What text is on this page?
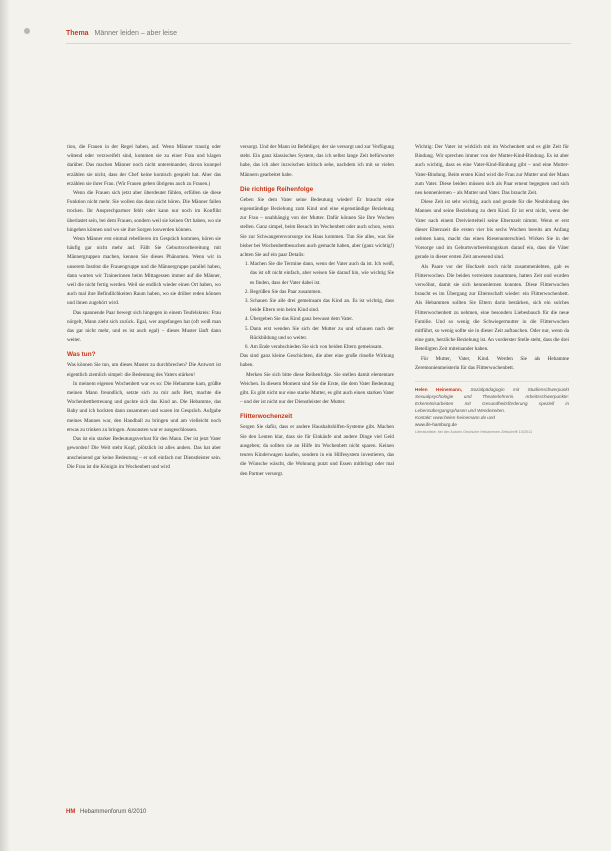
Thema Männer leiden – aber leise

tion, die Frauen in der Regel haben, auf. Wenn Männer traurig oder wütend oder verzweifelt sind, kommen sie zu einer Frau und klagen darüber. Das machen Männer noch nicht untereinander, davon kunnpel erzählen sie nicht, dass der Chef keine komisch gespielt hat. Aber das erzählen sie ihrer Frau. (Wir Frauen geben übrigens auch zu Frauen.)

Wenn die Frauen sich jetzt aber überdeutet fühlen, erfüllen sie diese Funktion nicht mehr. Sie wollen das dann nicht hören. Die Männer fallen trocken. Ihr Ansprechpartner fehlt oder kann nur noch im Konflikt überlastet sein, bei dem Frauen, sondern weil sie keinen Ort haben, wo sie hingehen können und wo sie ihre Sorgen loswerden können.

Wenn Männer erst einmal rebellieren im Gespräch kommen, hören sie häufig gar nicht mehr auf. Fällt Sie Geburtsvorbereitung mit Männergruppen machen, kennen Sie dieses Phänomen. Wenn wir in unserem Institut die Frauengruppe und die Männergruppe parallel haben, dann warten wir Trainerinnen beim Mittagessen immer auf die Männer, weil die nicht fertig werden. Weil sie endlich wieder einen Ort haben, wo auch mal ihre Befindlichkeiten Raum haben, wo sie drüber reden können und ihnen zugehört wird.

Das spannende Paar bewegt sich hingegen in einem Teufelskreis: Frau nörgelt, Mann zieht sich zurück. Egal, wer angefangen hat (oft weiß man das gar nicht mehr, und es ist auch egal) – dieses Muster läuft dann weiter.

Was tun?

Was können Sie tun, um dieses Muster zu durchbrechen? Die Antwort ist eigentlich ziemlich simpel: die Bedeutung des Vaters stärken!

In meinem eigenen Wochenbett war es so: Die Hebamme kam, grüßte meinen Mann freundlich, setzte sich zu mir aufs Bett, machte die Wochenbettbetreuung und guckte sich das Kind an. Die Hebamme, das Baby und ich hockten dann zusammen und waren im Gespräch. Aufgabe meines Mannes war, den Handball zu bringen und am vielleicht noch etwas zu trinken zu bringen. Ansonsten war er ausgeschlossen.

Das ist ein starker Bedeutungsverlust für den Mann. Der ist jetzt Vater geworden! Die Welt steht Kopf, plötzlich ist alles anders. Das hat aber anscheinend gar keine Bedeutung – er soll einfach nur Dienstleister sein. Die Frau ist die Königin im Wochenbett und wird

versorgt. Und der Mann ist Befehliger, der sie versorgt und zur Verfügung steht. Ein ganz klassisches System, das ich selbst lange Zeit befürwortet habe, das ich aber inzwischen kritisch sehe, nachdem ich mit so vielen Männern gearbeitet habe.

Die richtige Reihenfolge

Geben Sie dem Vater seine Bedeutung wieder! Er braucht eine eigenständige Beziehung zum Kind und eine eigenständige Beziehung zur Frau – unabhängig von der Mutter. Dafür können Sie Ihre Wochen stellen. Ganz simpel, beim Besuch im Wochenbett oder auch schon, wenn Sie zur Schwangerenvorsorge ins Haus kommen. Tun Sie alles, was Sie bisher bei Wochenbettbesuchen auch gemacht haben, aber (ganz wichtig!) achten Sie auf ein paar Details:

1. Machen Sie die Termine dann, wenn der Vater auch da ist. Ich weiß, das ist oft nicht einfach, aber weisen Sie darauf hin, wie wichtig Sie es finden, dass der Vater dabei ist.
2. Begrüßen Sie das Paar zusammen.
3. Schauen Sie alle drei gemeinsam das Kind an. Es ist wichtig, dass beide Eltern rein beim Kind sind.
4. Übergeben Sie das Kind ganz bewusst dem Vater.
5. Dann erst wenden Sie sich der Mutter zu und schauen nach der Rückbildung und so weiter.
6. Am Ende verabschieden Sie sich von beiden Eltern gemeinsam.

Das sind ganz kleine Geschichten, die aber eine große rituelle Wirkung haben.

Merken Sie sich bitte diese Reihenfolge. Sie stellen damit elementare Weichen. In diesem Moment sind Sie die Erste, die dem Vater Bedeutung gibt. Es gibt nicht nur eine starke Mutter, es gibt auch einen starken Vater – und der ist nicht nur der Dienstleister der Mutter.

Flitterwochenzeit

Sorgen Sie dafür, dass er andere Haushaltshilfen-Systeme gibt. Machen Sie den Leuten klar, dass sie für Einkäufe und andere Dinge viel Geld ausgeben; da sollten sie an Hilfe im Wochenbett nicht sparen. Keinen teuren Kinderwagen kaufen, sondern in ein Hilfesystem investieren, das die Wünsche wäscht, die Wohnung putzt und Essen mitbringt oder mal den Partner versorgt.

Wichtig: Der Vater ist wirklich mit im Wochenbett und es gibt Zeit für Bindung. Wir sprechen immer von der Mutter-Kind-Bindung. Es ist aber auch wichtig, dass es eine Vater-Kind-Bindung gibt – und eine Mutter-Vater-Bindung. Beim ersten Kind wird die Frau zur Mutter und der Mann zum Vater. Diese beiden müssen sich als Paar erneut begegnen und sich neu kennenlernen – als Mutter und Vater. Das braucht Zeit.

Diese Zeit ist sehr wichtig, auch und gerade für die Neubindung des Mannes und seine Beziehung zu dem Kind. Er ist erst nicht, wenn der Vater nach einem Dreiviertelteil seine Elternzeit nimmt. Wenn er erst dieser Elternzeit die ersten vier bis sechs Wochen bereits am Anfang nehmen kann, macht das einen Riesenunterschied. Wirken Sie in der Vorsorge und im Geburtsvorbereitungskurs darauf ein, dass die Väter gerade in dieser ersten Zeit anwesend sind.

Als Paare vor der Hochzeit noch nicht zusammenlebten, gab es Flitterwochen. Die beiden verreisten zusammen, hatten Zeit und wurden verwöhnt, damit sie sich kennenlernen konnten. Diese Flitterwochen braucht es im Übergang zur Elternschaft wieder: ein Flitterwochenbett. Als Hebammen sollten Sie Eltern darin bestärken, sich ein solches Flitterwochenbett zu nehmen, eine besonders Liebesbauch für die neue Familie. Und so wenig die Schwiegermutter in die Flitterwochen mitführt, so wenig sollte sie in dieser Zeit auftauchen. Oder nur, wenn da eine gute, herzliche Beziehung ist. An vorderster Stelle steht, dass die drei Beteiligten Zeit miteinander haben.

Für Mutter, Vater, Kind. Werden Sie als Hebamme Zeremonienmeisterin für das Flitterwochenbett.

Helen Heinemann, Sozialpädagogin mit Studienschwerpunkt Sexualpsychologie und Theaterlehrerin. Arbeitsschwerpunkte: Erkenntnisarbeiten mit Gesundheitsförderung speziell in Lebensübergangsphasen und Wendezeiten.
Kontakt: www.helen-heinemann.de und
www.ife-hamburg.de
Literaturliste: bei der Autorin Deutsche Hebammen Zeitschrift 10/2011
HM Hebammenforum 6/2010
